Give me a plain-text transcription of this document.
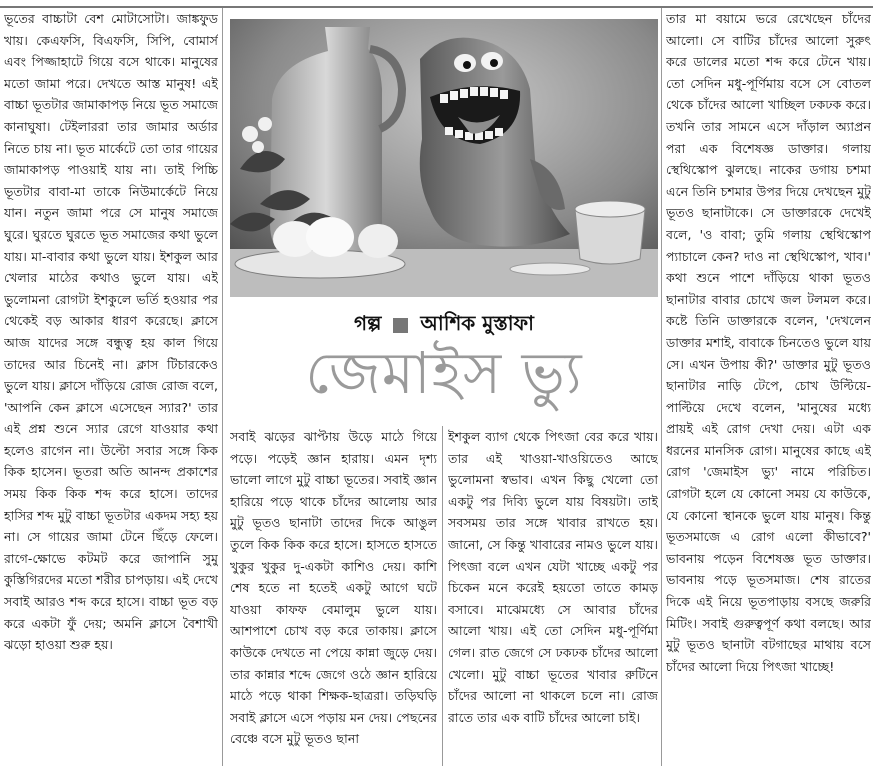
ভূতের বাচ্চাটা বেশ মোটাসোটা। জাঙ্কফুড খায়। কেএফসি, বিএফসি, সিপি, বোমার্স এবং পিজ্জাহাটে গিয়ে বসে থাকে। মানুষের মতো জামা পরে। দেখতে আস্ত মানুষ! এই বাচ্চা ভূতটার জামাকাপড় নিয়ে ভূত সমাজে কানাঘুষা। টেইলাররা তার জামার অর্ডার নিতে চায় না। ভূত মার্কেটে তো তার গায়ের জামাকাপড় পাওয়াই যায় না। তাই পিচ্চি ভূতটার বাবা-মা তাকে নিউমার্কেটে নিয়ে যান। নতুন জামা পরে সে মানুষ সমাজে ঘুরে। ঘুরতে ঘুরতে ভূত সমাজের কথা ভুলে যায়। মা-বাবার কথা ভুলে যায়। ইশকুল আর খেলার মাঠের কথাও ভুলে যায়। এই ভুলোমনা রোগটা ইশকুলে ভর্তি হওয়ার পর থেকেই বড় আকার ধারণ করেছে। ক্লাসে আজ যাদের সঙ্গে বন্ধুত্ব হয় কাল গিয়ে তাদের আর চিনেই না। ক্লাস টিচারকেও ভুলে যায়। ক্লাসে দাঁড়িয়ে রোজ রোজ বলে, 'আপনি কেন ক্লাসে এসেছেন স্যার?' তার এই প্রশ্ন শুনে স্যার রেগে যাওয়ার কথা হলেও রাগেন না। উল্টো সবার সঙ্গে কিক কিক হাসেন। ভূতরা অতি আনন্দ প্রকাশের সময় কিক কিক শব্দ করে হাসে। তাদের হাসির শব্দ মুটু বাচ্চা ভূতটার একদম সহ্য হয় না। সে গায়ের জামা টেনে ছিঁড়ে ফেলে। রাগে-ক্ষোভে কটমট করে জাপানি সুমু কুস্তিগিরদের মতো শরীর চাপড়ায়। এই দেখে সবাই আরও শব্দ করে হাসে। বাচ্চা ভূত বড় করে একটা ফুঁ দেয়; অমনি ক্লাসে বৈশাখী ঝড়ো হাওয়া শুরু হয়।

গল্প আশিক মুস্তাফা
জেমাইস ভ্যু

সবাই ঝড়ের ঝাপ্টায় উড়ে মাঠে গিয়ে পড়ে। পড়েই জ্ঞান হারায়। এমন দৃশ্য ভালো লাগে মুটু বাচ্চা ভূতের। সবাই জ্ঞান হারিয়ে পড়ে থাকে চাঁদের আলোয় আর মুটু ভূতও ছানাটা তাদের দিকে আঙুল তুলে কিক কিক করে হাসে। হাসতে হাসতে খুকুর খুকুর দু-একটা কাশিও দেয়। কাশি শেষ হতে না হতেই একটু আগে ঘটে যাওয়া কাফফ বেমালুম ভুলে যায়। আশপাশে চোখ বড় করে তাকায়। ক্লাসে কাউকে দেখতে না পেয়ে কান্না জুড়ে দেয়। তার কান্নার শব্দে জেগে ওঠে জ্ঞান হারিয়ে মাঠে পড়ে থাকা শিক্ষক-ছাত্ররা। তড়িঘড়ি সবাই ক্লাসে এসে পড়ায় মন দেয়। পেছনের বেঞ্চে বসে মুটু ভূতও ছানা

ইশকুল ব্যাগ থেকে পিৎজা বের করে খায়। তার এই খাওয়া-খাওয়িতেও আছে ভুলোমনা স্বভাব। এখন কিছু খেলো তো একটু পর দিব্যি ভুলে যায় বিষয়টা। তাই সবসময় তার সঙ্গে খাবার রাখতে হয়। জানো, সে কিন্তু খাবারের নামও ভুলে যায়। পিৎজা বলে এখন যেটা খাচ্ছে একটু পর চিকেন মনে করেই হয়তো তাতে কামড় বসাবে। মাঝেমধ্যে সে আবার চাঁদের আলো খায়। এই তো সেদিন মধু-পূর্ণিমা গেল। রাত জেগে সে ঢকঢক চাঁদের আলো খেলো। মুটু বাচ্চা ভূতের খাবার রুটিনে চাঁদের আলো না থাকলে চলে না। রোজ রাতে তার এক বাটি চাঁদের আলো চাই।

তার মা বয়ামে ভরে রেখেছেন চাঁদের আলো। সে বাটির চাঁদের আলো সুরুৎ করে ডালের মতো শব্দ করে টেনে খায়। তো সেদিন মধু-পূর্ণিমায় বসে সে বোতল থেকে চাঁদের আলো খাচ্ছিল ঢকঢক করে। তখনি তার সামনে এসে দাঁড়াল অ্যাপ্রন পরা এক বিশেষজ্ঞ ডাক্তার। গলায় স্থেথিস্কোপ ঝুলছে। নাকের ডগায় চশমা এনে তিনি চশমার উপর দিয়ে দেখছেন মুটু ভূতও ছানাটাকে। সে ডাক্তারকে দেখেই বলে, 'ও বাবা; তুমি গলায় স্থেথিস্কোপ প্যাচালে কেন? দাও না স্থেথিস্কোপ, খাব।' কথা শুনে পাশে দাঁড়িয়ে থাকা ভূতও ছানাটার বাবার চোখে জল টলমল করে। কষ্টে তিনি ডাক্তারকে বলেন, 'দেখলেন ডাক্তার মশাই, বাবাকে চিনতেও ভুলে যায় সে। এখন উপায় কী?' ডাক্তার মুটু ভূতও ছানাটার নাড়ি টেপে, চোখ উল্টিয়ে-পাল্টিয়ে দেখে বলেন, 'মানুষের মধ্যে প্রায়ই এই রোগ দেখা দেয়। এটা এক ধরনের মানসিক রোগ। মানুষের কাছে এই রোগ 'জেমাইস ভ্যু' নামে পরিচিত। রোগটা হলে যে কোনো সময় যে কাউকে, যে কোনো স্থানকে ভুলে যায় মানুষ। কিন্তু ভূতসমাজে এ রোগ এলো কীভাবে?' ভাবনায় পড়েন বিশেষজ্ঞ ভূত ডাক্তার। ভাবনায় পড়ে ভূতসমাজ। শেষ রাতের দিকে এই নিয়ে ভূতপাড়ায় বসছে জরুরি মিটিং। সবাই গুরুত্বপূর্ণ কথা বলছে। আর মুটু ভূতও ছানাটা বটগাছের মাথায় বসে চাঁদের আলো দিয়ে পিৎজা খাচ্ছে!
